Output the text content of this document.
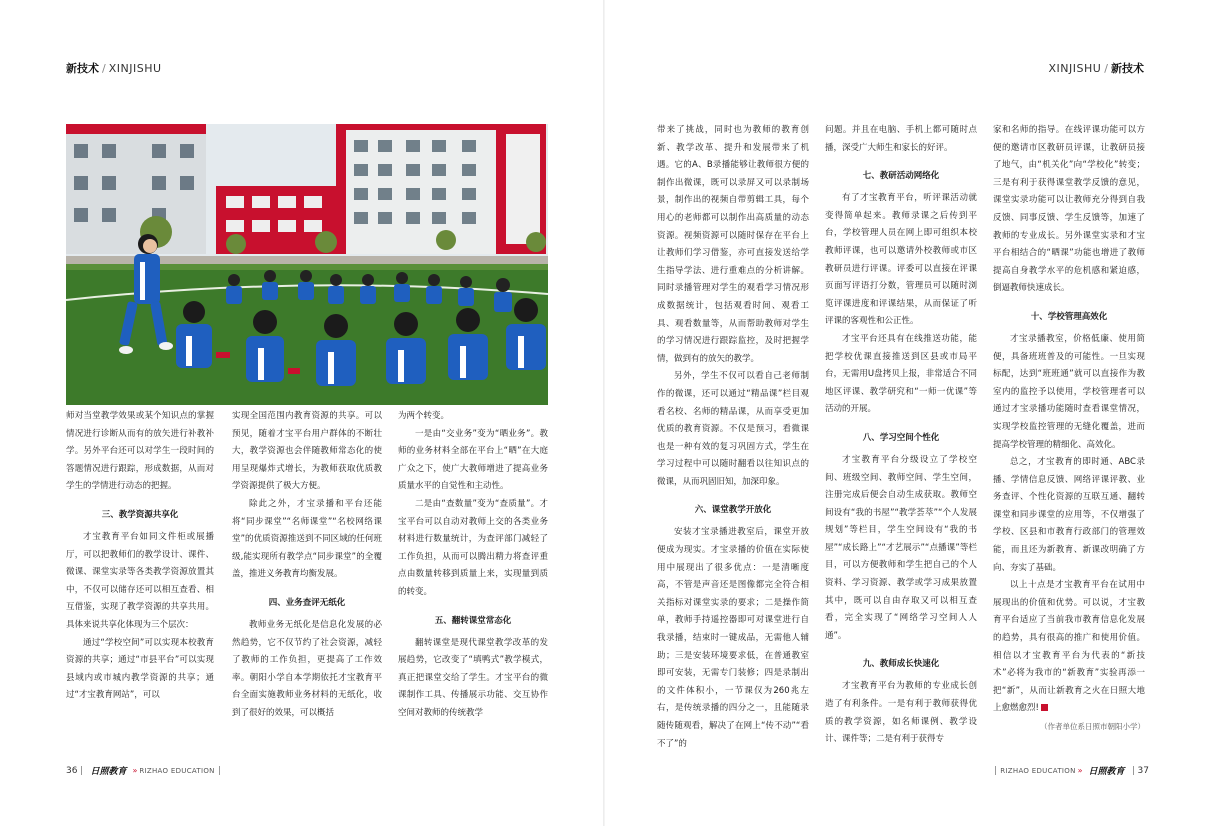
新技术 / XINJISHU

师对当堂教学效果或某个知识点的掌握情况进行诊断从而有的放矢进行补教补学。另外平台还可以对学生一段时间的答题情况进行跟踪，形成数据，从而对学生的学情进行动态的把握。

三、教学资源共享化

才宝教育平台如同文件柜或展播厅，可以把教师们的教学设计、课件、微课、课堂实录等各类教学资源放置其中，不仅可以储存还可以相互查看、相互借鉴，实现了教学资源的共享共用。具体来说共享化体现为三个层次：

通过“学校空间”可以实现本校教育资源的共享；通过“市县平台”可以实现县域内或市城内教学资源的共享；通过“才宝教育网站”，可以

实现全国范围内教育资源的共享。可以预见，随着才宝平台用户群体的不断壮大，教学资源也会伴随教师常态化的使用呈现爆炸式增长，为教师获取优质教学资源提供了极大方便。

除此之外，才宝录播和平台还能将“同步课堂”“名师课堂”“名校网络课堂”的优质资源推送到不同区域的任何班级,能实现所有教学点“同步课堂”的全覆盖，推进义务教育均衡发展。

四、业务查评无纸化

教师业务无纸化是信息化发展的必然趋势，它不仅节约了社会资源，减轻了教师的工作负担，更提高了工作效率。朝阳小学自本学期依托才宝教育平台全面实施教师业务材料的无纸化，收到了很好的效果，可以概括

为两个转变。

一是由“交业务”变为“晒业务”。教师的业务材料全部在平台上“晒”在大庭广众之下，使广大教师增进了提高业务质量水平的自觉性和主动性。

二是由“查数量”变为“查质量”。才宝平台可以自动对教师上交的各类业务材料进行数量统计，为查评部门减轻了工作负担，从而可以腾出精力将查评重点由数量转移到质量上来，实现量到质的转变。

五、翻转课堂常态化

翻转课堂是现代课堂教学改革的发展趋势，它改变了“填鸭式”教学模式，真正把课堂交给了学生。才宝平台的微课制作工具、传播展示功能、交互协作空间对教师的传统教学

36 日照教育 » RIZHAO EDUCATION
XINJISHU / 新技术

带来了挑战，同时也为教师的教育创新、教学改革、提升和发展带来了机遇。它的A、B录播能够让教师很方便的制作出微课，既可以录屏又可以录制场景，制作出的视频自带剪辑工具，每个用心的老师都可以制作出高质量的动态资源。视频资源可以随时保存在平台上让教师们学习借鉴，亦可直接发送给学生指导学法、进行重难点的分析讲解。同时录播管理对学生的观看学习情况形成数据统计，包括观看时间、观看工具、观看数量等，从而帮助教师对学生的学习情况进行跟踪监控，及时把握学情，做到有的放矢的教学。

另外，学生不仅可以看自己老师制作的微课，还可以通过“精品课”栏目观看名校、名师的精品课，从而享受更加优质的教育资源。不仅是预习，看微课也是一种有效的复习巩固方式，学生在学习过程中可以随时翻看以往知识点的微课，从而巩固旧知，加深印象。

六、课堂教学开放化

安装才宝录播进教室后，课堂开放便成为现实。才宝录播的价值在实际使用中展现出了很多优点：一是清晰度高，不管是声音还是图像都完全符合相关指标对课堂实录的要求；二是操作简单，教师手持遥控器即可对课堂进行自我录播，结束时一键成品，无需他人辅助；三是安装环境要求低，在普通教室即可安装，无需专门装修；四是录制出的文件体积小，一节课仅为260兆左右，是传统录播的四分之一，且能随录随传随观看，解决了在网上“传不动”“看不了”的

问题。并且在电脑、手机上都可随时点播，深受广大师生和家长的好评。

七、教研活动网络化

有了才宝教育平台，听评课活动就变得简单起来。教师录课之后传到平台，学校管理人员在网上即可组织本校教师评课，也可以邀请外校教师或市区教研员进行评课。评委可以直接在评课页面写评语打分数，管理员可以随时浏览评课进度和评课结果，从而保证了听评课的客观性和公正性。

才宝平台还具有在线推送功能，能把学校优课直接推送到区县或市局平台，无需用U盘拷贝上报，非常适合不同地区评课、教学研究和“一师一优课”等活动的开展。

八、学习空间个性化

才宝教育平台分级设立了学校空间、班级空间、教师空间、学生空间，注册完成后便会自动生成获取。教师空间设有“我的书屋”“教学荟萃”“个人发展规划”等栏目，学生空间设有“我的书屋”“成长路上”“才艺展示”“点播课”等栏目，可以方便教师和学生把自己的个人资料、学习资源、教学或学习成果放置其中，既可以自由存取又可以相互查看，完全实现了“网络学习空间人人通”。

九、教师成长快速化

才宝教育平台为教师的专业成长创造了有利条件。一是有利于教师获得优质的教学资源，如名师课例、教学设计、课件等；二是有利于获得专

家和名师的指导。在线评课功能可以方便的邀请市区教研员评课，让教研员接了地气，由“机关化”向“学校化”转变；三是有利于获得课堂教学反馈的意见，课堂实录功能可以让教师充分得到自我反馈、同事反馈、学生反馈等，加速了教师的专业成长。另外课堂实录和才宝平台相结合的“晒课”功能也增进了教师提高自身教学水平的危机感和紧迫感，倒逼教师快速成长。

十、学校管理高效化

才宝录播教室，价格低廉、使用简便，具备班班普及的可能性。一旦实现标配，达到“班班通”就可以直接作为教室内的监控予以使用，学校管理者可以通过才宝录播功能随时查看课堂情况，实现学校监控管理的无缝化覆盖，进而提高学校管理的精细化、高效化。

总之，才宝教育的即时通、ABC录播、学情信息反馈、网络评课评教、业务查评、个性化资源的互联互通、翻转课堂和同步课堂的应用等，不仅增强了学校、区县和市教育行政部门的管理效能，而且还为新教育、新课改明确了方向、夯实了基础。

以上十点是才宝教育平台在试用中展现出的价值和优势。可以说，才宝教育平台适应了当前我市教育信息化发展的趋势，具有很高的推广和使用价值。相信以才宝教育平台为代表的“新技术”必将为我市的“新教育”实验再添一把“新”，从而让新教育之火在日照大地上愈燃愈烈!

（作者单位系日照市朝阳小学）

RIZHAO EDUCATION » 日照教育 37
